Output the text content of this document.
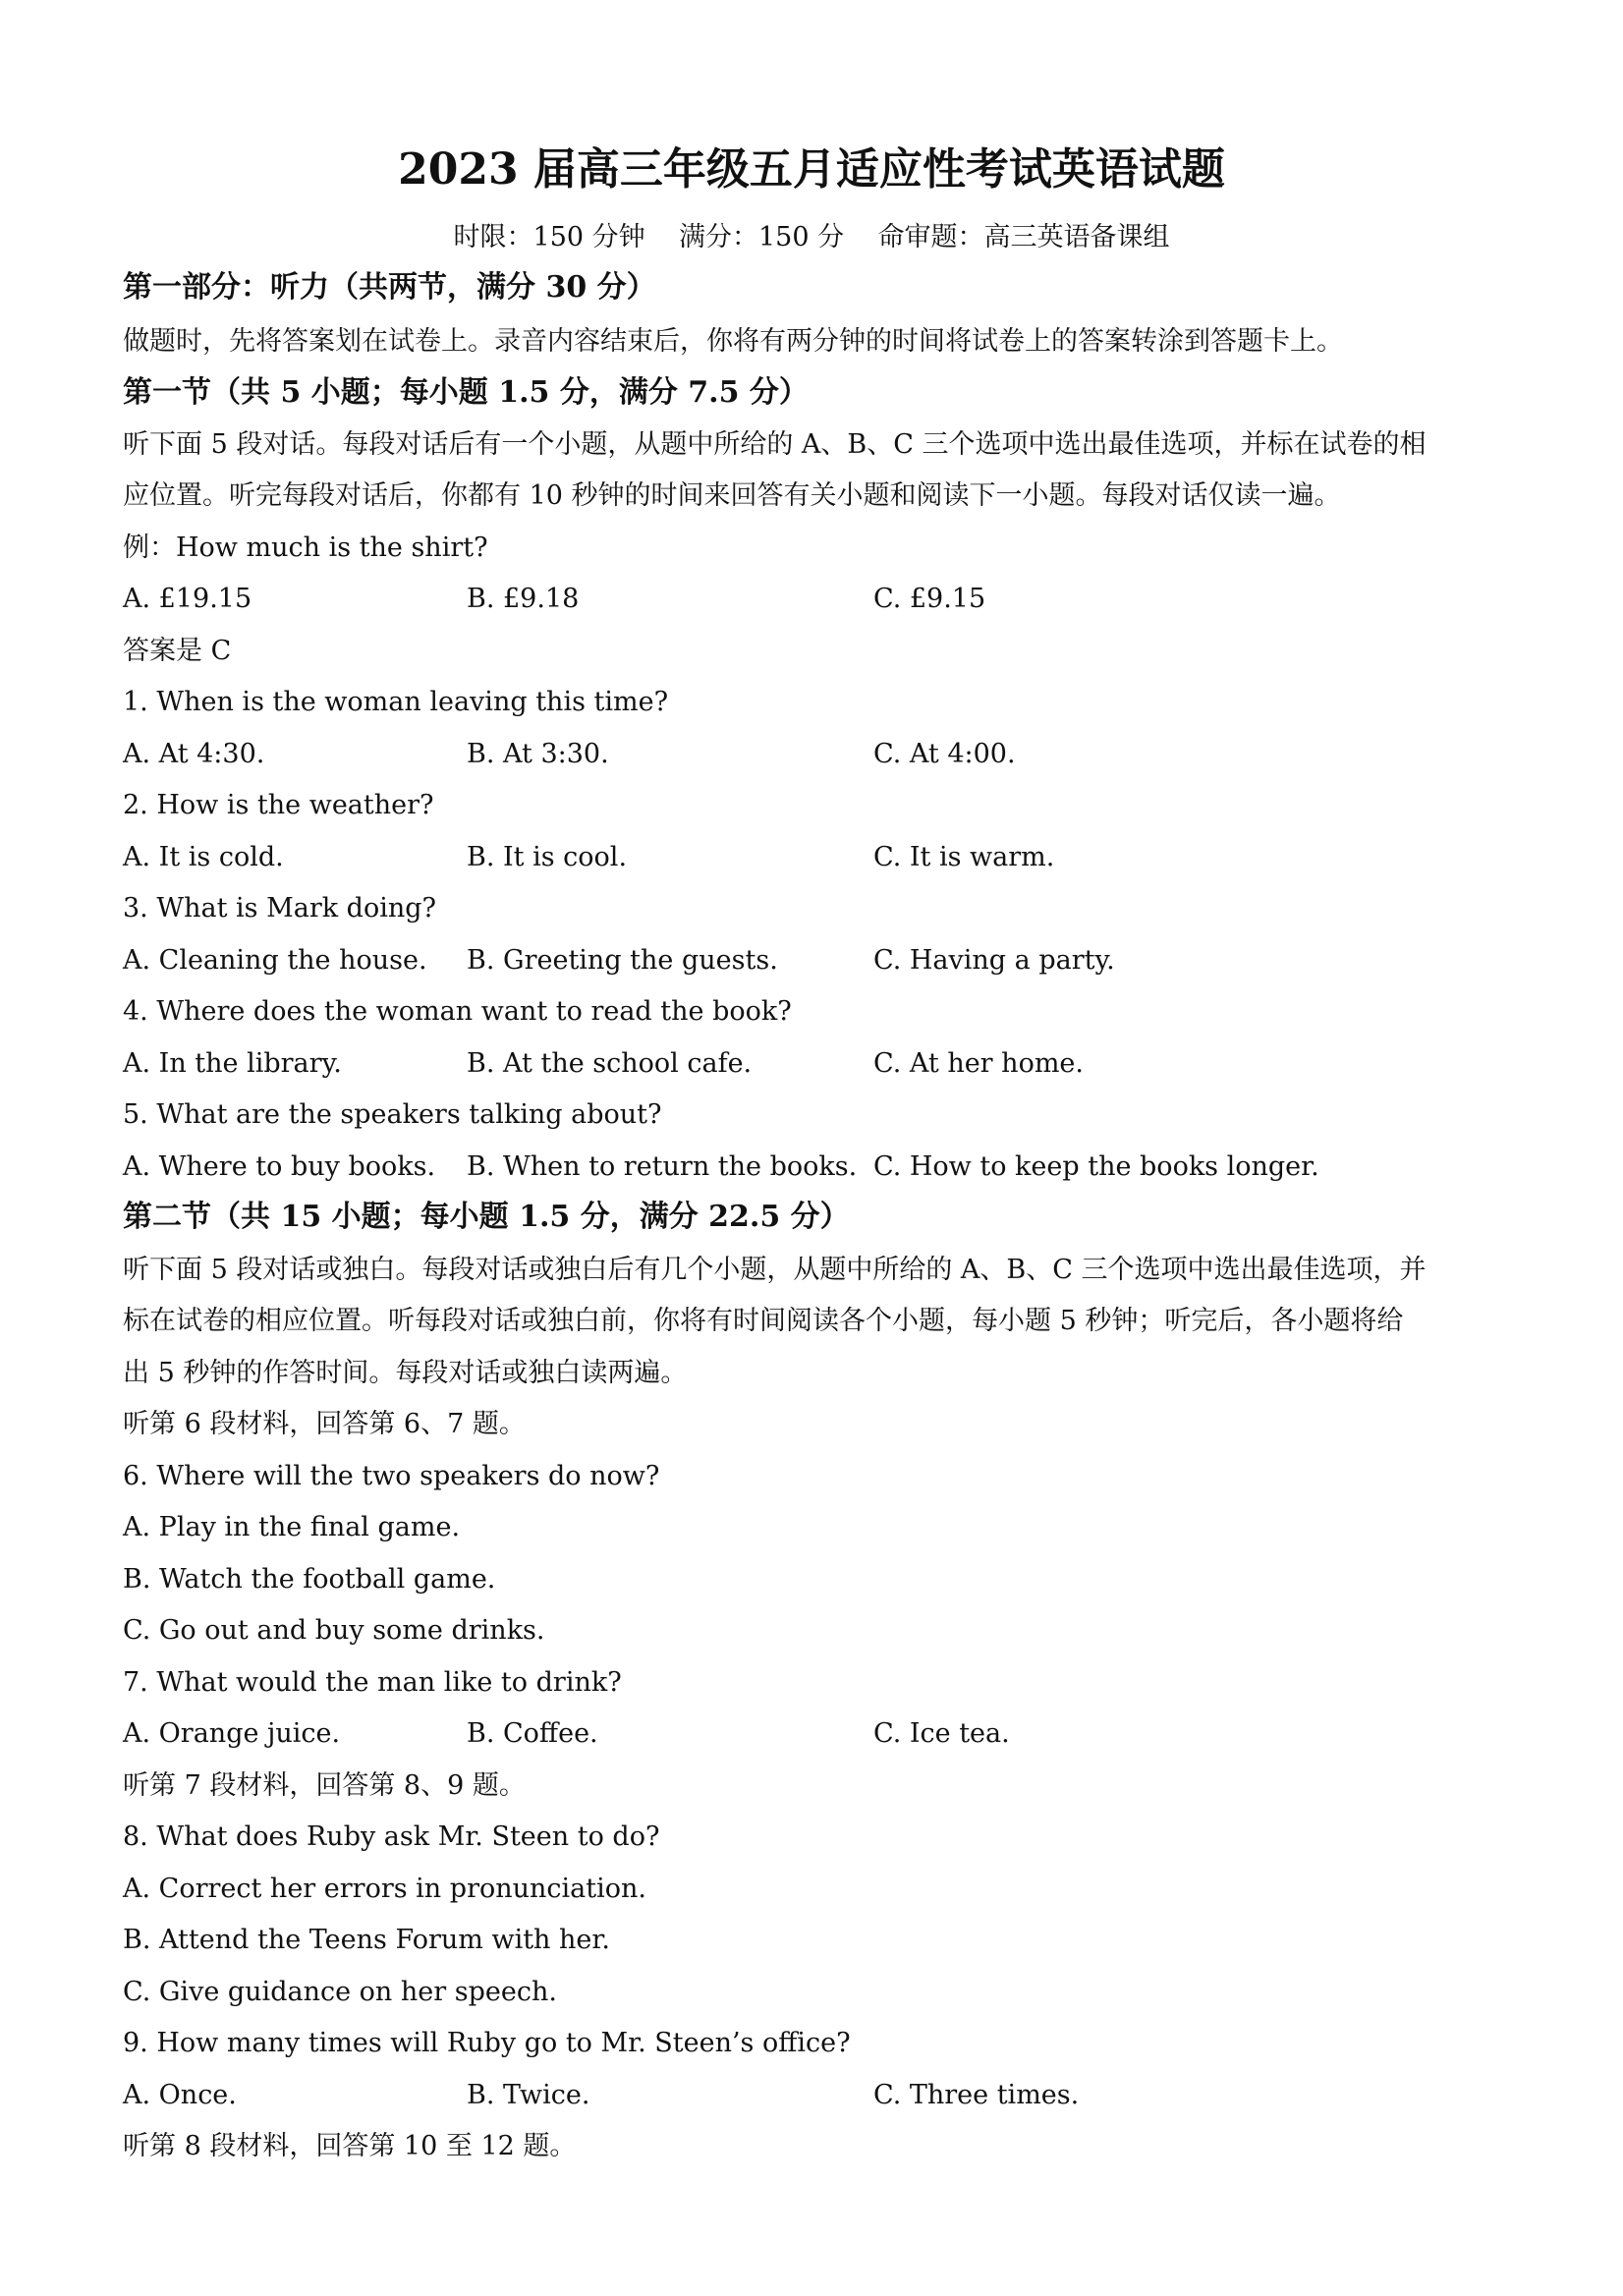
2023 届高三年级五月适应性考试英语试题
时限：150 分钟    满分：150 分    命审题：高三英语备课组
第一部分：听力（共两节，满分 30 分）
做题时，先将答案划在试卷上。录音内容结束后，你将有两分钟的时间将试卷上的答案转涂到答题卡上。
第一节（共 5 小题；每小题 1.5 分，满分 7.5 分）
听下面 5 段对话。每段对话后有一个小题，从题中所给的 A、B、C 三个选项中选出最佳选项，并标在试卷的相
应位置。听完每段对话后，你都有 10 秒钟的时间来回答有关小题和阅读下一小题。每段对话仅读一遍。
例：How much is the shirt?
A. £19.15	B. £9.18	C. £9.15
答案是 C
1. When is the woman leaving this time?
A. At 4:30.	B. At 3:30.	C. At 4:00.
2. How is the weather?
A. It is cold.	B. It is cool.	C. It is warm.
3. What is Mark doing?
A. Cleaning the house. B. Greeting the guests.	C. Having a party.
4. Where does the woman want to read the book?
A. In the library.	B. At the school cafe.	C. At her home.
5. What are the speakers talking about?
A. Where to buy books. B. When to return the books. C. How to keep the books longer.
第二节（共 15 小题；每小题 1.5 分，满分 22.5 分）
听下面 5 段对话或独白。每段对话或独白后有几个小题，从题中所给的 A、B、C 三个选项中选出最佳选项，并
标在试卷的相应位置。听每段对话或独白前，你将有时间阅读各个小题，每小题 5 秒钟；听完后，各小题将给
出 5 秒钟的作答时间。每段对话或独白读两遍。
听第 6 段材料，回答第 6、7 题。
6. Where will the two speakers do now?
A. Play in the final game.
B. Watch the football game.
C. Go out and buy some drinks.
7. What would the man like to drink?
A. Orange juice.	B. Coffee.	C. Ice tea.
听第 7 段材料，回答第 8、9 题。
8. What does Ruby ask Mr. Steen to do?
A. Correct her errors in pronunciation.
B. Attend the Teens Forum with her.
C. Give guidance on her speech.
9. How many times will Ruby go to Mr. Steen’s office?
A. Once.	B. Twice.	C. Three times.
听第 8 段材料，回答第 10 至 12 题。
